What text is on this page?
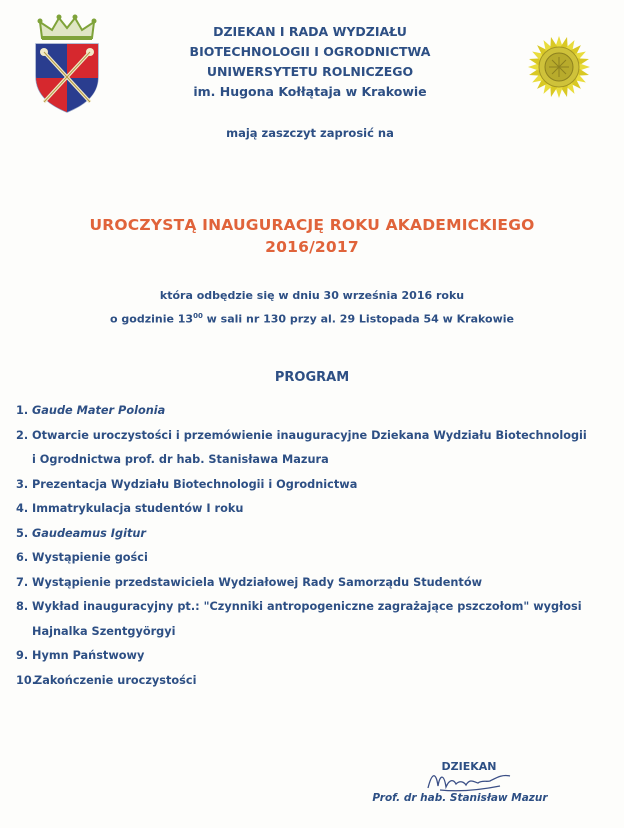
DZIEKAN I RADA WYDZIAŁU
BIOTECHNOLOGII I OGRODNICTWA
UNIWERSYTETU ROLNICZEGO
im. Hugona Kołłątaja w Krakowie
mają zaszczyt zaprosić na
UROCZYSTĄ INAUGURACJĘ ROKU AKADEMICKIEGO
2016/2017
która odbędzie się w dniu 30 września 2016 roku
o godzinie $13^{00}$ w sali nr 130 przy al. 29 Listopada 54 w Krakowie
PROGRAM
1. Gaude Mater Polonia
2. Otwarcie uroczystości i przemówienie inauguracyjne Dziekana Wydziału Biotechnologii
i Ogrodnictwa prof. dr hab. Stanisława Mazura
3. Prezentacja Wydziału Biotechnologii i Ogrodnictwa
4. Immatrykulacja studentów I roku
5. Gaudeamus Igitur
6. Wystąpienie gości
7. Wystąpienie przedstawiciela Wydziałowej Rady Samorządu Studentów
8. Wykład inauguracyjny pt.: "Czynniki antropogeniczne zagrażające pszczołom" wygłosi
Hajnalka Szentgyörgyi
9. Hymn Państwowy
10.Zakończenie uroczystości
DZIEKAN
Prof. dr hab. Stanisław Mazur
